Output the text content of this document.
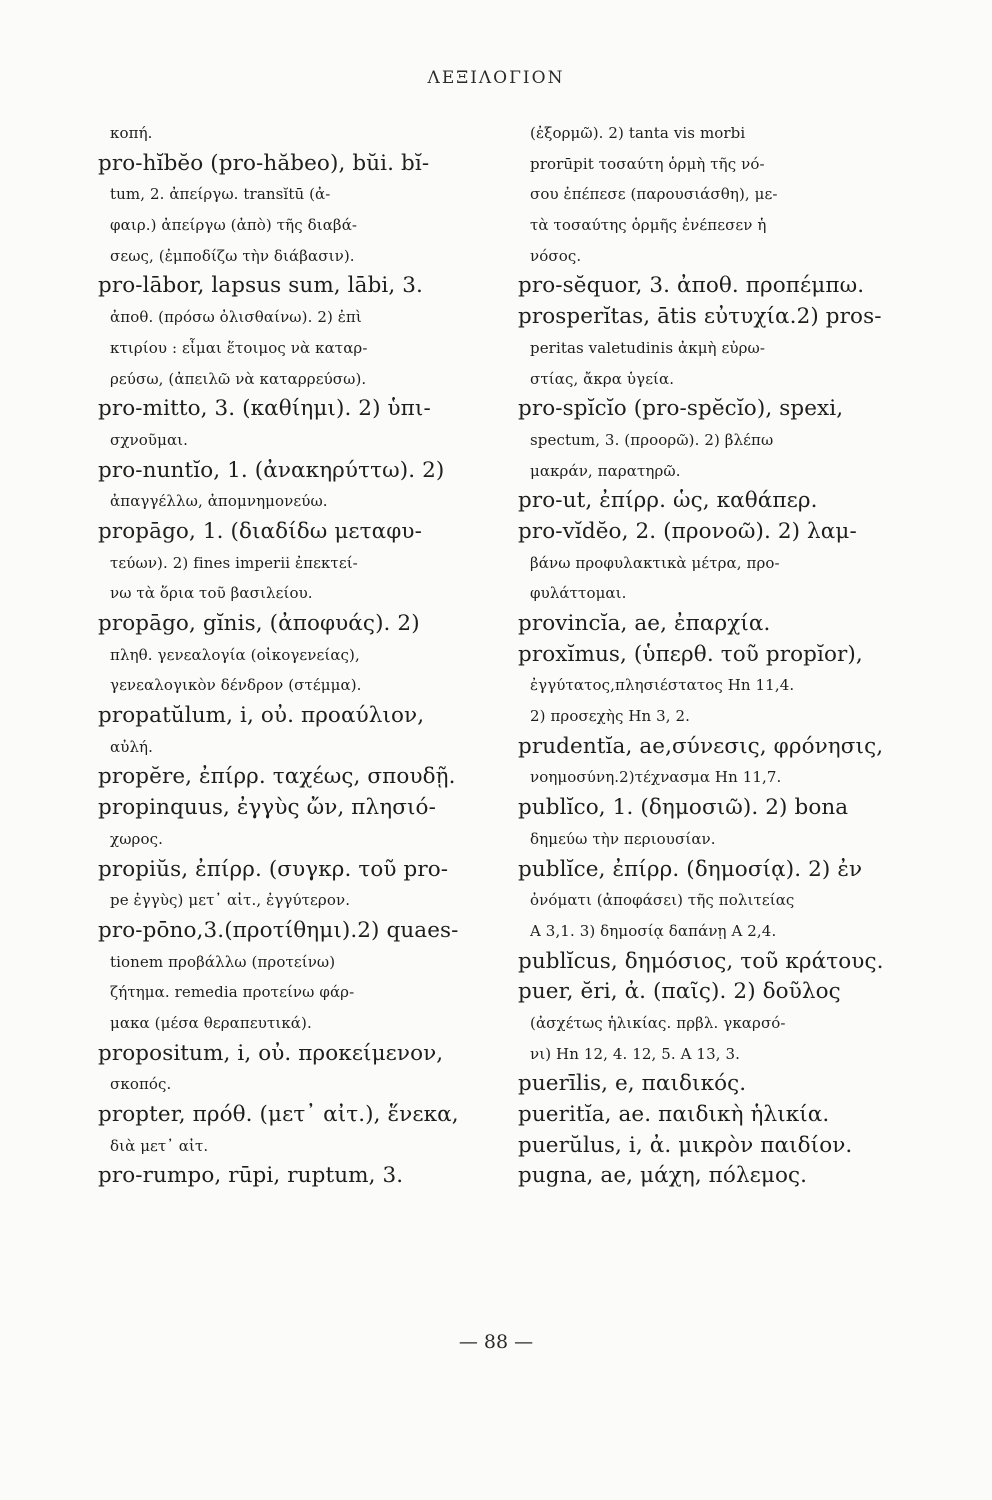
ΛΕΞΙΛΟΓΙΟΝ
κοπή.
pro-hĭbĕo (pro-hăbeo), bŭi. bĭ-
tum, 2. ἀπείργω. transĭtū (ἀ-
φαιρ.) ἀπείργω (ἀπὸ) τῆς διαβά-
σεως, (ἐμποδίζω τὴν διάβασιν).
pro-lābor, lapsus sum, lābi, 3.
ἀποθ. (πρόσω ὀλισθαίνω). 2) ἐπὶ
κτιρίου : εἶμαι ἕτοιμος νὰ καταρ-
ρεύσω, (ἀπειλῶ νὰ καταρρεύσω).
pro-mitto, 3. (καθίημι). 2) ὑπι-
σχνοῦμαι.
pro-nuntĭo, 1. (ἀνακηρύττω). 2)
ἀπαγγέλλω, ἀπομνημονεύω.
propāgo, 1. (διαδίδω μεταφυ-
τεύων). 2) fines imperii ἐπεκτεί-
νω τὰ ὅρια τοῦ βασιλείου.
propāgo, gĭnis, (ἀποφυάς). 2)
πληθ. γενεαλογία (οἰκογενείας),
γενεαλογικὸν δένδρον (στέμμα).
propatŭlum, i, οὐ. προαύλιον,
αὐλή.
propĕre, ἐπίρρ. ταχέως, σπουδῇ.
propinquus, ἐγγὺς ὤν, πλησιό-
χωρος.
propiŭs, ἐπίρρ. (συγκρ. τοῦ pro-
pe ἐγγὺς) μετ᾽ αἰτ., ἐγγύτερον.
pro-pōno,3.(προτίθημι).2) quaes-
tionem προβάλλω (προτείνω)
ζήτημα. remedia προτείνω φάρ-
μακα (μέσα θεραπευτικά).
propositum, i, οὐ. προκείμενον,
σκοπός.
propter, πρόθ. (μετ᾽ αἰτ.), ἕνεκα,
διὰ μετ᾽ αἰτ.
pro-rumpo, rūpi, ruptum, 3.
(ἐξορμῶ). 2) tanta vis morbi
prorūpit τοσαύτη ὁρμὴ τῆς νό-
σου ἐπέπεσε (παρουσιάσθη), με-
τὰ τοσαύτης ὁρμῆς ἐνέπεσεν ἡ
νόσος.
pro-sĕquor, 3. ἀποθ. προπέμπω.
prosperĭtas, ātis εὐτυχία.2) pros-
peritas valetudinis ἀκμὴ εὐρω-
στίας, ἄκρα ὑγεία.
pro-spĭcĭo (pro-spĕcĭo), spexi,
spectum, 3. (προορῶ). 2) βλέπω
μακράν, παρατηρῶ.
pro-ut, ἐπίρρ. ὡς, καθάπερ.
pro-vĭdĕo, 2. (προνοῶ). 2) λαμ-
βάνω προφυλακτικὰ μέτρα, προ-
φυλάττομαι.
provincĭa, ae, ἐπαρχία.
proxĭmus, (ὑπερθ. τοῦ propĭor),
ἐγγύτατος,πλησιέστατος Hn 11,4.
2) προσεχὴς Hn 3, 2.
prudentĭa, ae,σύνεσις, φρόνησις,
νοημοσύνη.2)τέχνασμα Hn 11,7.
publĭco, 1. (δημοσιῶ). 2) bona
δημεύω τὴν περιουσίαν.
publĭce, ἐπίρρ. (δημοσίᾳ). 2) ἐν
ὀνόματι (ἀποφάσει) τῆς πολιτείας
A 3,1. 3) δημοσίᾳ δαπάνῃ A 2,4.
publĭcus, δημόσιος, τοῦ κράτους.
puer, ĕri, ἀ. (παῖς). 2) δοῦλος
(ἀσχέτως ἡλικίας. πρβλ. γκαρσό-
νι) Hn 12, 4. 12, 5. A 13, 3.
puerīlis, e, παιδικός.
pueritĭa, ae. παιδικὴ ἡλικία.
puerŭlus, i, ἀ. μικρὸν παιδίον.
pugna, ae, μάχη, πόλεμος.
— 88 —
